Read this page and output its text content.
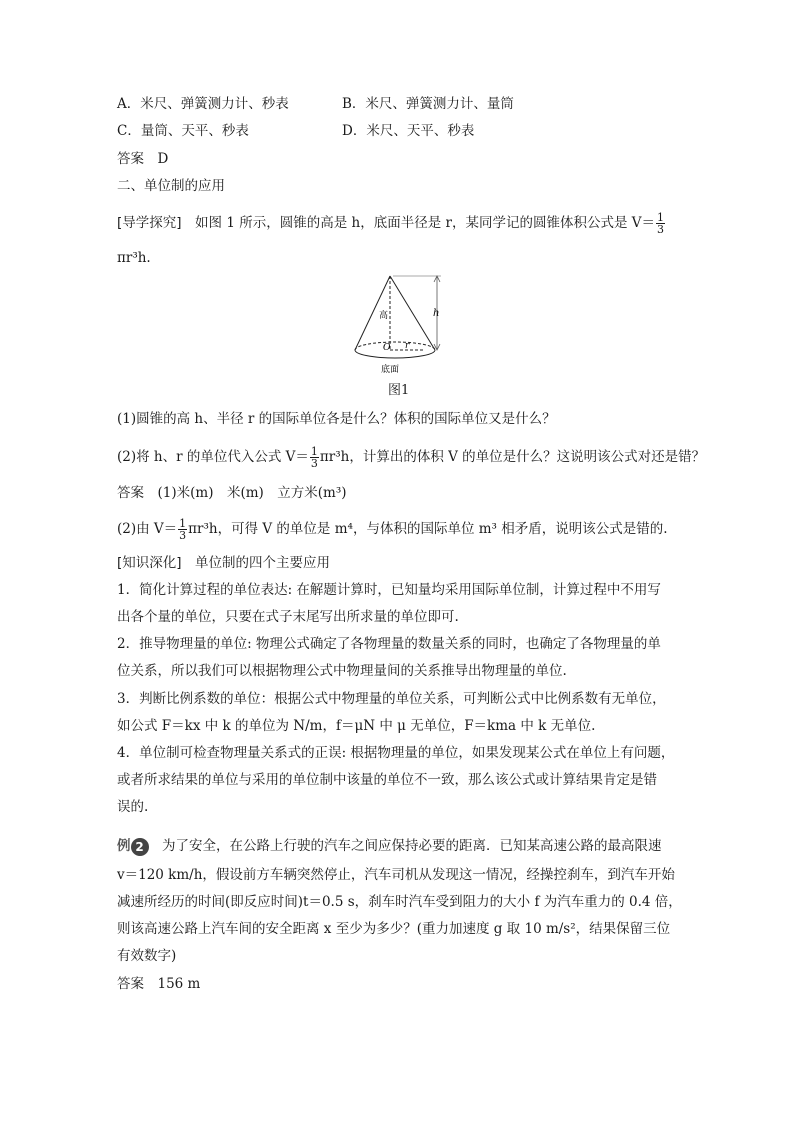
A．米尺、弹簧测力计、秒表	B．米尺、弹簧测力计、量筒
C．量筒、天平、秒表	D．米尺、天平、秒表
答案　D
二、单位制的应用
[导学探究]　如图 1 所示，圆锥的高是 h，底面半径是 r，某同学记的圆锥体积公式是 $V= \frac{1}{3}$
πr³h.
高	h
O r
底面
图1
(1)圆锥的高 h、半径 r 的国际单位各是什么？体积的国际单位又是什么？
(2)将 h、r 的单位代入公式 $V= \frac{1}{3} \pi r^3h$，计算出的体积 V 的单位是什么？这说明该公式对还是错？
答案　(1)米(m)　米(m)　立方米(m³)
(2)由 $V= \frac{1}{3} \pi r^3h$，可得 V 的单位是 m⁴，与体积的国际单位 m³ 相矛盾，说明该公式是错的.
[知识深化]　单位制的四个主要应用
1．简化计算过程的单位表达: 在解题计算时，已知量均采用国际单位制，计算过程中不用写
出各个量的单位，只要在式子末尾写出所求量的单位即可.
2．推导物理量的单位: 物理公式确定了各物理量的数量关系的同时，也确定了各物理量的单
位关系，所以我们可以根据物理公式中物理量间的关系推导出物理量的单位.
3．判断比例系数的单位：根据公式中物理量的单位关系，可判断公式中比例系数有无单位，
如公式 F＝kx 中 k 的单位为 N/m，f＝μN 中 μ 无单位，F＝kma 中 k 无单位.
4．单位制可检查物理量关系式的正误: 根据物理量的单位，如果发现某公式在单位上有问题，
或者所求结果的单位与采用的单位制中该量的单位不一致，那么该公式或计算结果肯定是错
误的.
例 2　为了安全，在公路上行驶的汽车之间应保持必要的距离．已知某高速公路的最高限速
v＝120 km/h，假设前方车辆突然停止，汽车司机从发现这一情况，经操控刹车，到汽车开始
减速所经历的时间(即反应时间)t＝0.5 s，刹车时汽车受到阻力的大小 f 为汽车重力的 0.4 倍，
则该高速公路上汽车间的安全距离 x 至少为多少？(重力加速度 g 取 10 m/s²，结果保留三位
有效数字)
答案　156 m
